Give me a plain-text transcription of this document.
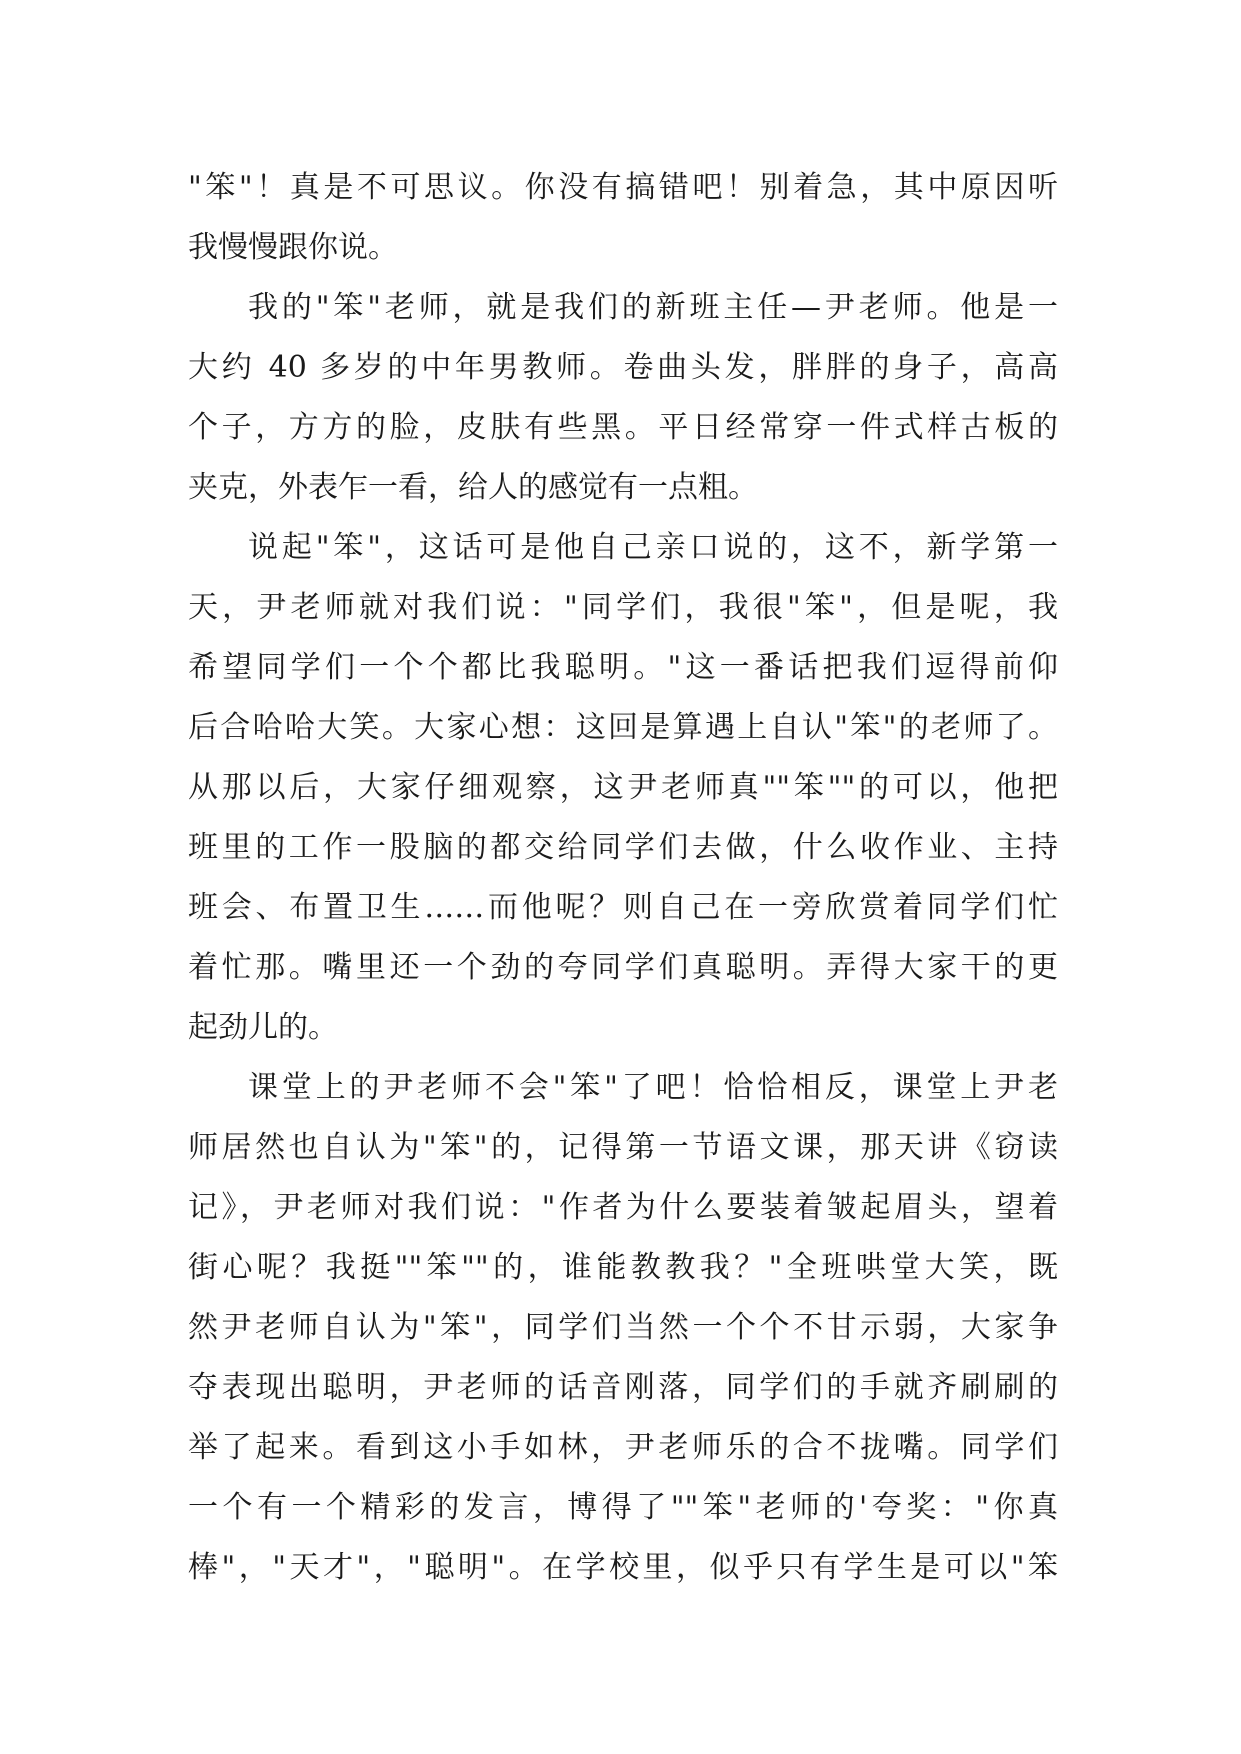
"笨"！真是不可思议。你没有搞错吧！别着急，其中原因听
我慢慢跟你说。
我的"笨"老师，就是我们的新班主任—尹老师。他是一
大约 40 多岁的中年男教师。卷曲头发，胖胖的身子，高高
个子，方方的脸，皮肤有些黑。平日经常穿一件式样古板的
夹克，外表乍一看，给人的感觉有一点粗。
说起"笨"，这话可是他自己亲口说的，这不，新学第一
天，尹老师就对我们说："同学们，我很"笨"，但是呢，我
希望同学们一个个都比我聪明。"这一番话把我们逗得前仰
后合哈哈大笑。大家心想：这回是算遇上自认"笨"的老师了。
从那以后，大家仔细观察，这尹老师真""笨""的可以，他把
班里的工作一股脑的都交给同学们去做，什么收作业、主持
班会、布置卫生……而他呢？则自己在一旁欣赏着同学们忙
着忙那。嘴里还一个劲的夸同学们真聪明。弄得大家干的更
起劲儿的。
课堂上的尹老师不会"笨"了吧！恰恰相反，课堂上尹老
师居然也自认为"笨"的，记得第一节语文课，那天讲《窃读
记》，尹老师对我们说："作者为什么要装着皱起眉头，望着
街心呢？我挺""笨""的，谁能教教我？"全班哄堂大笑，既
然尹老师自认为"笨"，同学们当然一个个不甘示弱，大家争
夺表现出聪明，尹老师的话音刚落，同学们的手就齐刷刷的
举了起来。看到这小手如林，尹老师乐的合不拢嘴。同学们
一个有一个精彩的发言，博得了""笨"老师的'夸奖："你真
棒"，"天才"，"聪明"。在学校里，似乎只有学生是可以"笨
